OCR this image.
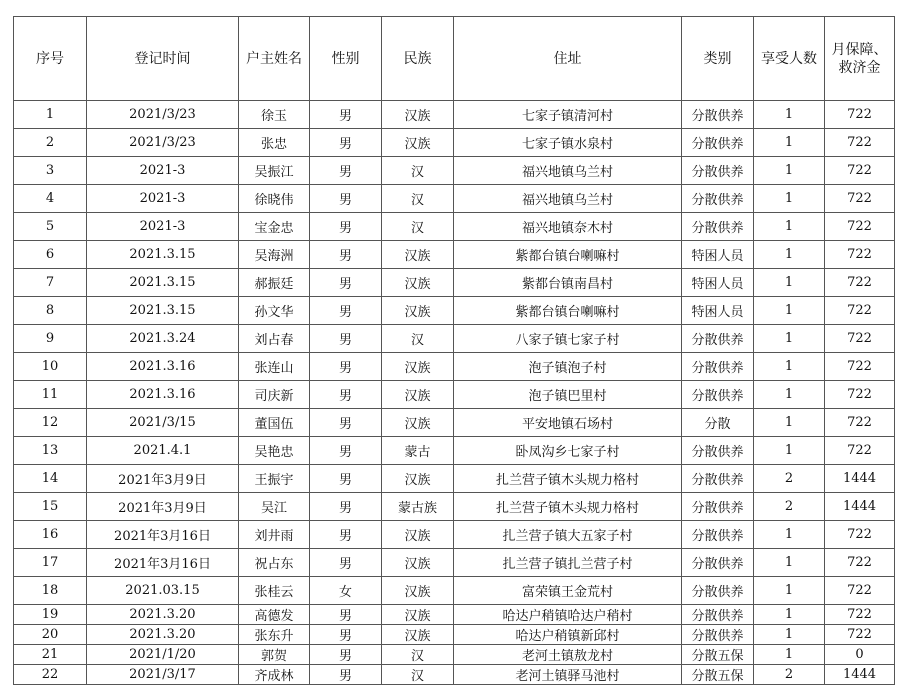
序号	登记时间	户主姓名	性别	民族	住址	类别	享受人数	月保障、救济金
1	2021/3/23	徐玉	男	汉族	七家子镇清河村	分散供养	1	722
2	2021/3/23	张忠	男	汉族	七家子镇水泉村	分散供养	1	722
3	2021-3	吴振江	男	汉	福兴地镇乌兰村	分散供养	1	722
4	2021-3	徐晓伟	男	汉	福兴地镇乌兰村	分散供养	1	722
5	2021-3	宝金忠	男	汉	福兴地镇奈木村	分散供养	1	722
6	2021.3.15	吴海洲	男	汉族	紫都台镇台喇嘛村	特困人员	1	722
7	2021.3.15	郝振廷	男	汉族	紫都台镇南昌村	特困人员	1	722
8	2021.3.15	孙文华	男	汉族	紫都台镇台喇嘛村	特困人员	1	722
9	2021.3.24	刘占春	男	汉	八家子镇七家子村	分散供养	1	722
10	2021.3.16	张连山	男	汉族	泡子镇泡子村	分散供养	1	722
11	2021.3.16	司庆新	男	汉族	泡子镇巴里村	分散供养	1	722
12	2021/3/15	董国伍	男	汉族	平安地镇石场村	分散	1	722
13	2021.4.1	吴艳忠	男	蒙古	卧凤沟乡七家子村	分散供养	1	722
14	2021年3月9日	王振宇	男	汉族	扎兰营子镇木头规力格村	分散供养	2	1444
15	2021年3月9日	吴江	男	蒙古族	扎兰营子镇木头规力格村	分散供养	2	1444
16	2021年3月16日	刘井雨	男	汉族	扎兰营子镇大五家子村	分散供养	1	722
17	2021年3月16日	祝占东	男	汉族	扎兰营子镇扎兰营子村	分散供养	1	722
18	2021.03.15	张桂云	女	汉族	富荣镇王金荒村	分散供养	1	722
19	2021.3.20	高德发	男	汉族	哈达户稍镇哈达户稍村	分散供养	1	722
20	2021.3.20	张东升	男	汉族	哈达户稍镇新邱村	分散供养	1	722
21	2021/1/20	郭贺	男	汉	老河土镇敖龙村	分散五保	1	0
22	2021/3/17	齐成林	男	汉	老河土镇驿马池村	分散五保	2	1444
